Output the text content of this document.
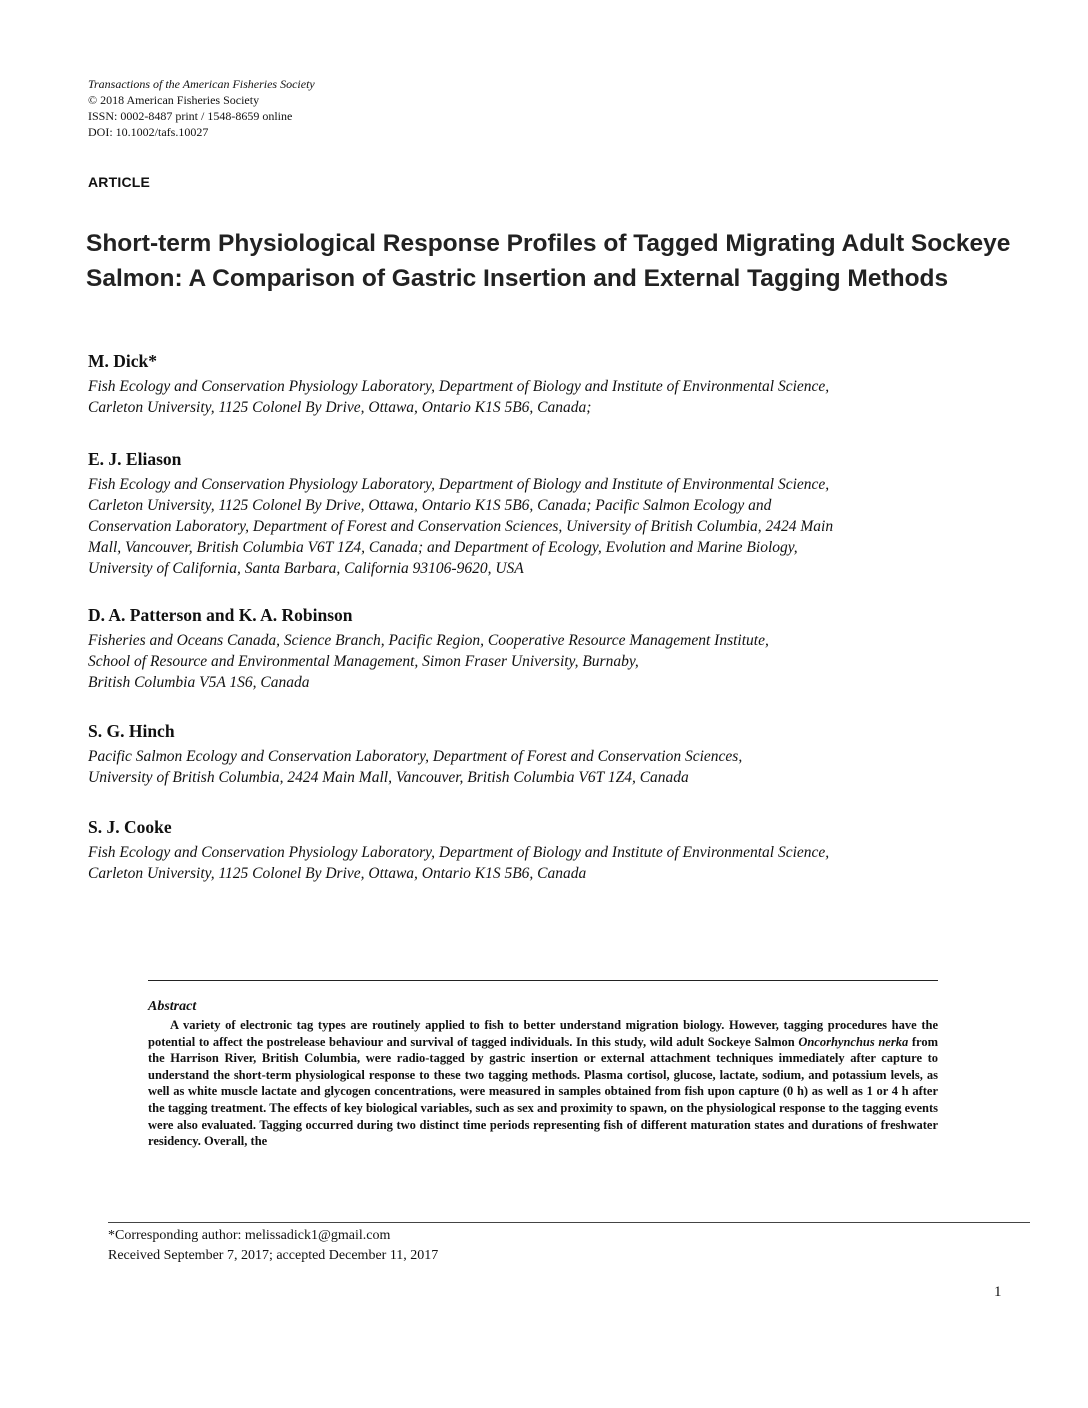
Transactions of the American Fisheries Society
© 2018 American Fisheries Society
ISSN: 0002-8487 print / 1548-8659 online
DOI: 10.1002/tafs.10027
ARTICLE
Short-term Physiological Response Profiles of Tagged Migrating Adult Sockeye Salmon: A Comparison of Gastric Insertion and External Tagging Methods
M. Dick*
Fish Ecology and Conservation Physiology Laboratory, Department of Biology and Institute of Environmental Science,
Carleton University, 1125 Colonel By Drive, Ottawa, Ontario K1S 5B6, Canada;
E. J. Eliason
Fish Ecology and Conservation Physiology Laboratory, Department of Biology and Institute of Environmental Science,
Carleton University, 1125 Colonel By Drive, Ottawa, Ontario K1S 5B6, Canada; Pacific Salmon Ecology and
Conservation Laboratory, Department of Forest and Conservation Sciences, University of British Columbia, 2424 Main
Mall, Vancouver, British Columbia V6T 1Z4, Canada; and Department of Ecology, Evolution and Marine Biology,
University of California, Santa Barbara, California 93106-9620, USA
D. A. Patterson and K. A. Robinson
Fisheries and Oceans Canada, Science Branch, Pacific Region, Cooperative Resource Management Institute,
School of Resource and Environmental Management, Simon Fraser University, Burnaby,
British Columbia V5A 1S6, Canada
S. G. Hinch
Pacific Salmon Ecology and Conservation Laboratory, Department of Forest and Conservation Sciences,
University of British Columbia, 2424 Main Mall, Vancouver, British Columbia V6T 1Z4, Canada
S. J. Cooke
Fish Ecology and Conservation Physiology Laboratory, Department of Biology and Institute of Environmental Science,
Carleton University, 1125 Colonel By Drive, Ottawa, Ontario K1S 5B6, Canada
Abstract
A variety of electronic tag types are routinely applied to fish to better understand migration biology. However, tagging procedures have the potential to affect the postrelease behaviour and survival of tagged individuals. In this study, wild adult Sockeye Salmon Oncorhynchus nerka from the Harrison River, British Columbia, were radio-tagged by gastric insertion or external attachment techniques immediately after capture to understand the short-term physiological response to these two tagging methods. Plasma cortisol, glucose, lactate, sodium, and potassium levels, as well as white muscle lactate and glycogen concentrations, were measured in samples obtained from fish upon capture (0 h) as well as 1 or 4 h after the tagging treatment. The effects of key biological variables, such as sex and proximity to spawn, on the physiological response to the tagging events were also evaluated. Tagging occurred during two distinct time periods representing fish of different maturation states and durations of freshwater residency. Overall, the
*Corresponding author: melissadick1@gmail.com
Received September 7, 2017; accepted December 11, 2017
1
